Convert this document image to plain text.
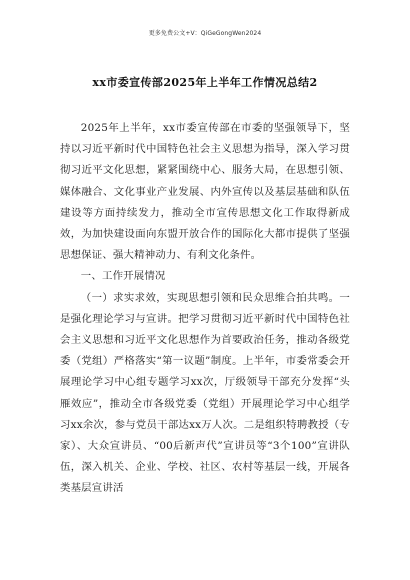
更多免费公文+V：QiGeGongWen2024
xx市委宣传部2025年上半年工作情况总结2

2025年上半年，xx市委宣传部在市委的坚强领导下，坚持以习近平新时代中国特色社会主义思想为指导，深入学习贯彻习近平文化思想，紧紧围绕中心、服务大局，在思想引领、媒体融合、文化事业产业发展、内外宣传以及基层基础和队伍建设等方面持续发力，推动全市宣传思想文化工作取得新成效，为加快建设面向东盟开放合作的国际化大都市提供了坚强思想保证、强大精神动力、有利文化条件。

一、工作开展情况

（一）求实求效，实现思想引领和民众思维合拍共鸣。一是强化理论学习与宣讲。把学习贯彻习近平新时代中国特色社会主义思想和习近平文化思想作为首要政治任务，推动各级党委（党组）严格落实“第一议题”制度。上半年，市委常委会开展理论学习中心组专题学习xx次，厅级领导干部充分发挥“头雁效应”，推动全市各级党委（党组）开展理论学习中心组学习xx余次，参与党员干部达xx万人次。二是组织特聘教授（专家）、大众宣讲员、“00后新声代”宣讲员等“3个100”宣讲队伍，深入机关、企业、学校、社区、农村等基层一线，开展各类基层宣讲活
